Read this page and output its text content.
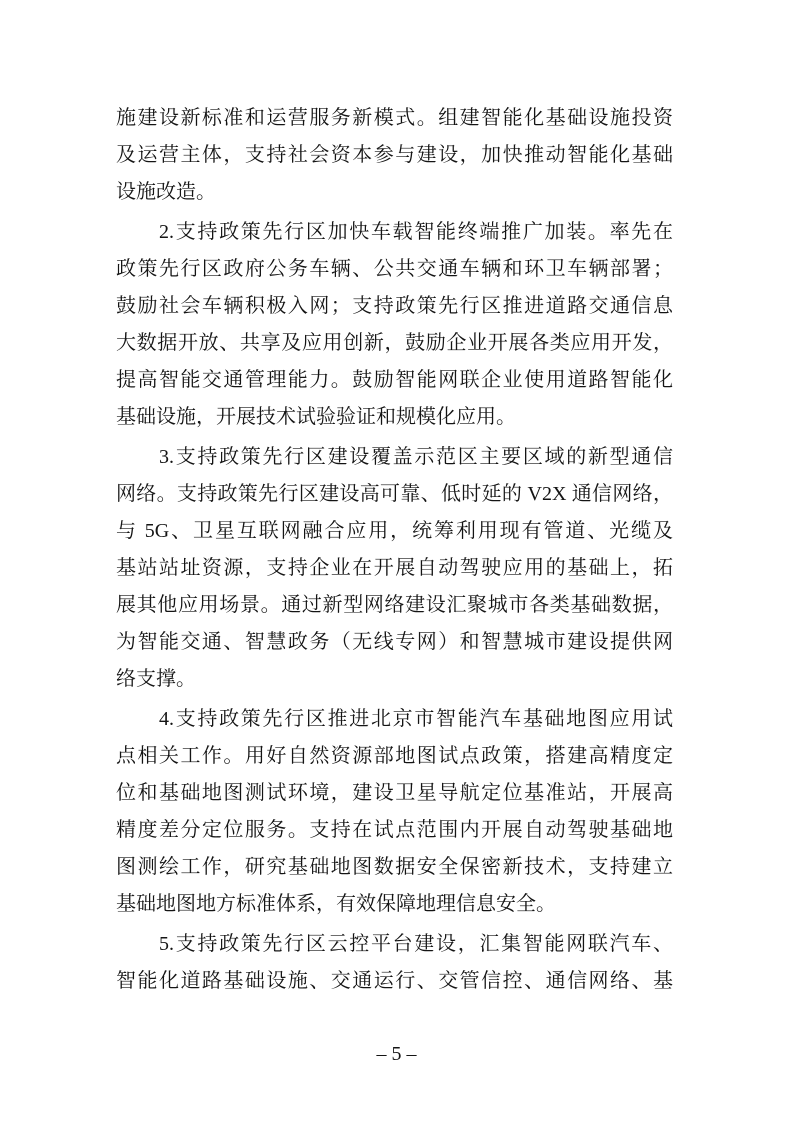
施建设新标准和运营服务新模式。组建智能化基础设施投资
及运营主体，支持社会资本参与建设，加快推动智能化基础
设施改造。
2.支持政策先行区加快车载智能终端推广加装。率先在
政策先行区政府公务车辆、公共交通车辆和环卫车辆部署；
鼓励社会车辆积极入网；支持政策先行区推进道路交通信息
大数据开放、共享及应用创新，鼓励企业开展各类应用开发，
提高智能交通管理能力。鼓励智能网联企业使用道路智能化
基础设施，开展技术试验验证和规模化应用。
3.支持政策先行区建设覆盖示范区主要区域的新型通信
网络。支持政策先行区建设高可靠、低时延的 V2X 通信网络，
与 5G、卫星互联网融合应用，统筹利用现有管道、光缆及
基站站址资源，支持企业在开展自动驾驶应用的基础上，拓
展其他应用场景。通过新型网络建设汇聚城市各类基础数据，
为智能交通、智慧政务（无线专网）和智慧城市建设提供网
络支撑。
4.支持政策先行区推进北京市智能汽车基础地图应用试
点相关工作。用好自然资源部地图试点政策，搭建高精度定
位和基础地图测试环境，建设卫星导航定位基准站，开展高
精度差分定位服务。支持在试点范围内开展自动驾驶基础地
图测绘工作，研究基础地图数据安全保密新技术，支持建立
基础地图地方标准体系，有效保障地理信息安全。
5.支持政策先行区云控平台建设，汇集智能网联汽车、
智能化道路基础设施、交通运行、交管信控、通信网络、基
– 5 –
